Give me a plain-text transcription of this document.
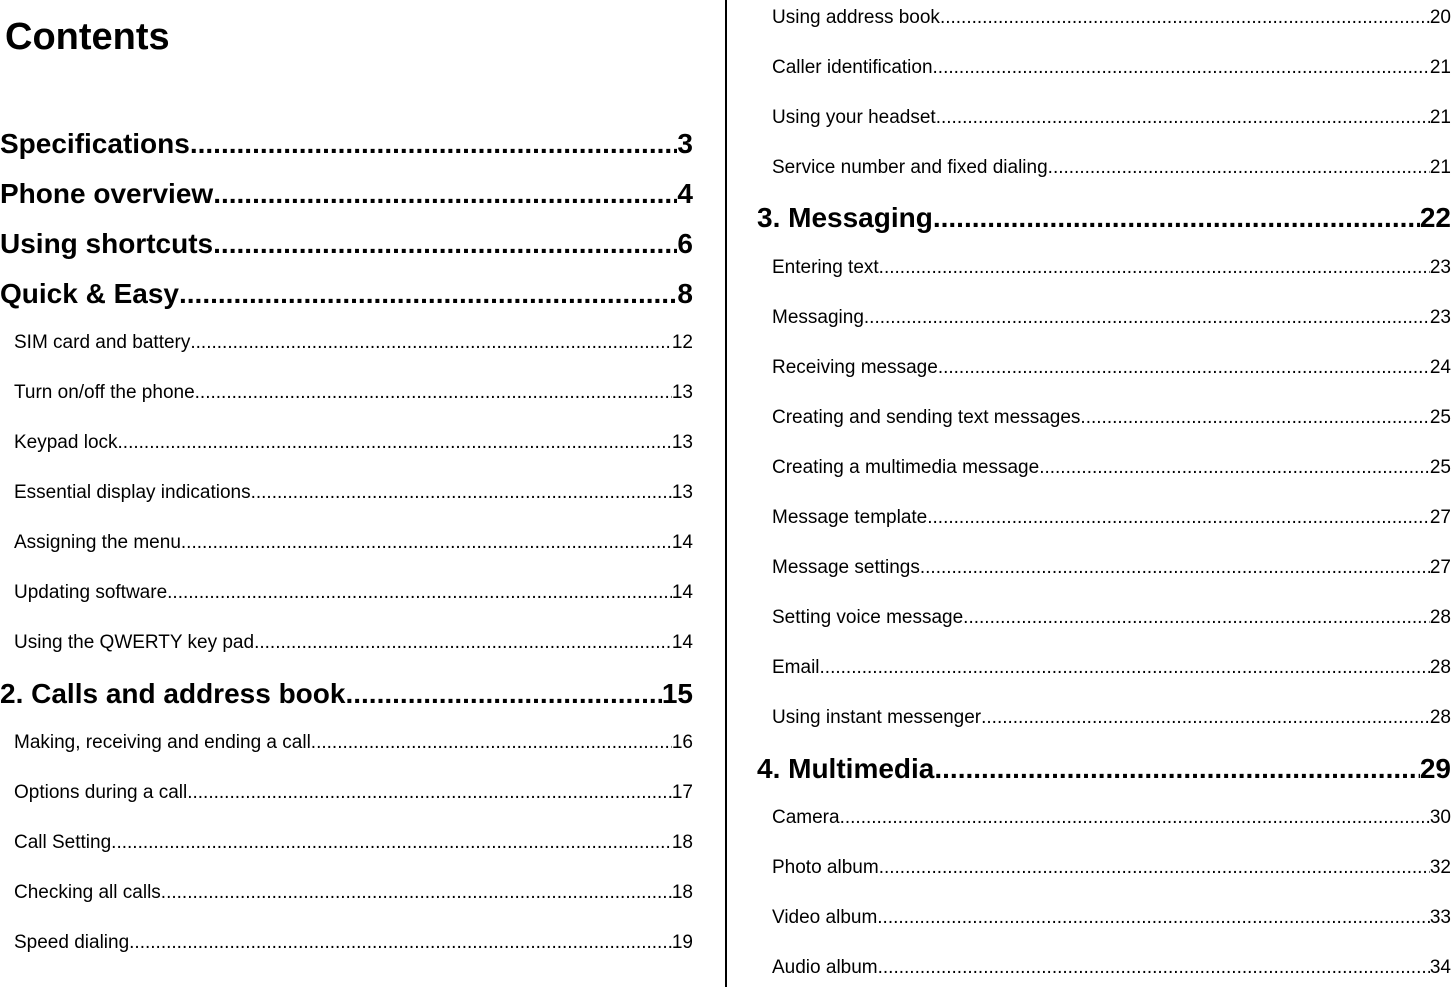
Contents
Specifications .....	3
Phone overview .....	4
Using shortcuts .....	6
Quick & Easy .....	8
SIM card and battery .....	12
Turn on/off the phone .....	13
Keypad lock .....	13
Essential display indications .....	13
Assigning the menu .....	14
Updating software .....	14
Using the QWERTY key pad .....	14
2. Calls and address book .....	15
Making, receiving and ending a call .....	16
Options during a call .....	17
Call Setting .....	18
Checking all calls .....	18
Speed dialing .....	19
Using address book .....	20
Caller identification .....	21
Using your headset .....	21
Service number and fixed dialing .....	21
3. Messaging .....	22
Entering text .....	23
Messaging .....	23
Receiving message .....	24
Creating and sending text messages .....	25
Creating a multimedia message .....	25
Message template .....	27
Message settings .....	27
Setting voice message .....	28
Email .....	28
Using instant messenger .....	28
4. Multimedia .....	29
Camera .....	30
Photo album .....	32
Video album .....	33
Audio album .....	34
